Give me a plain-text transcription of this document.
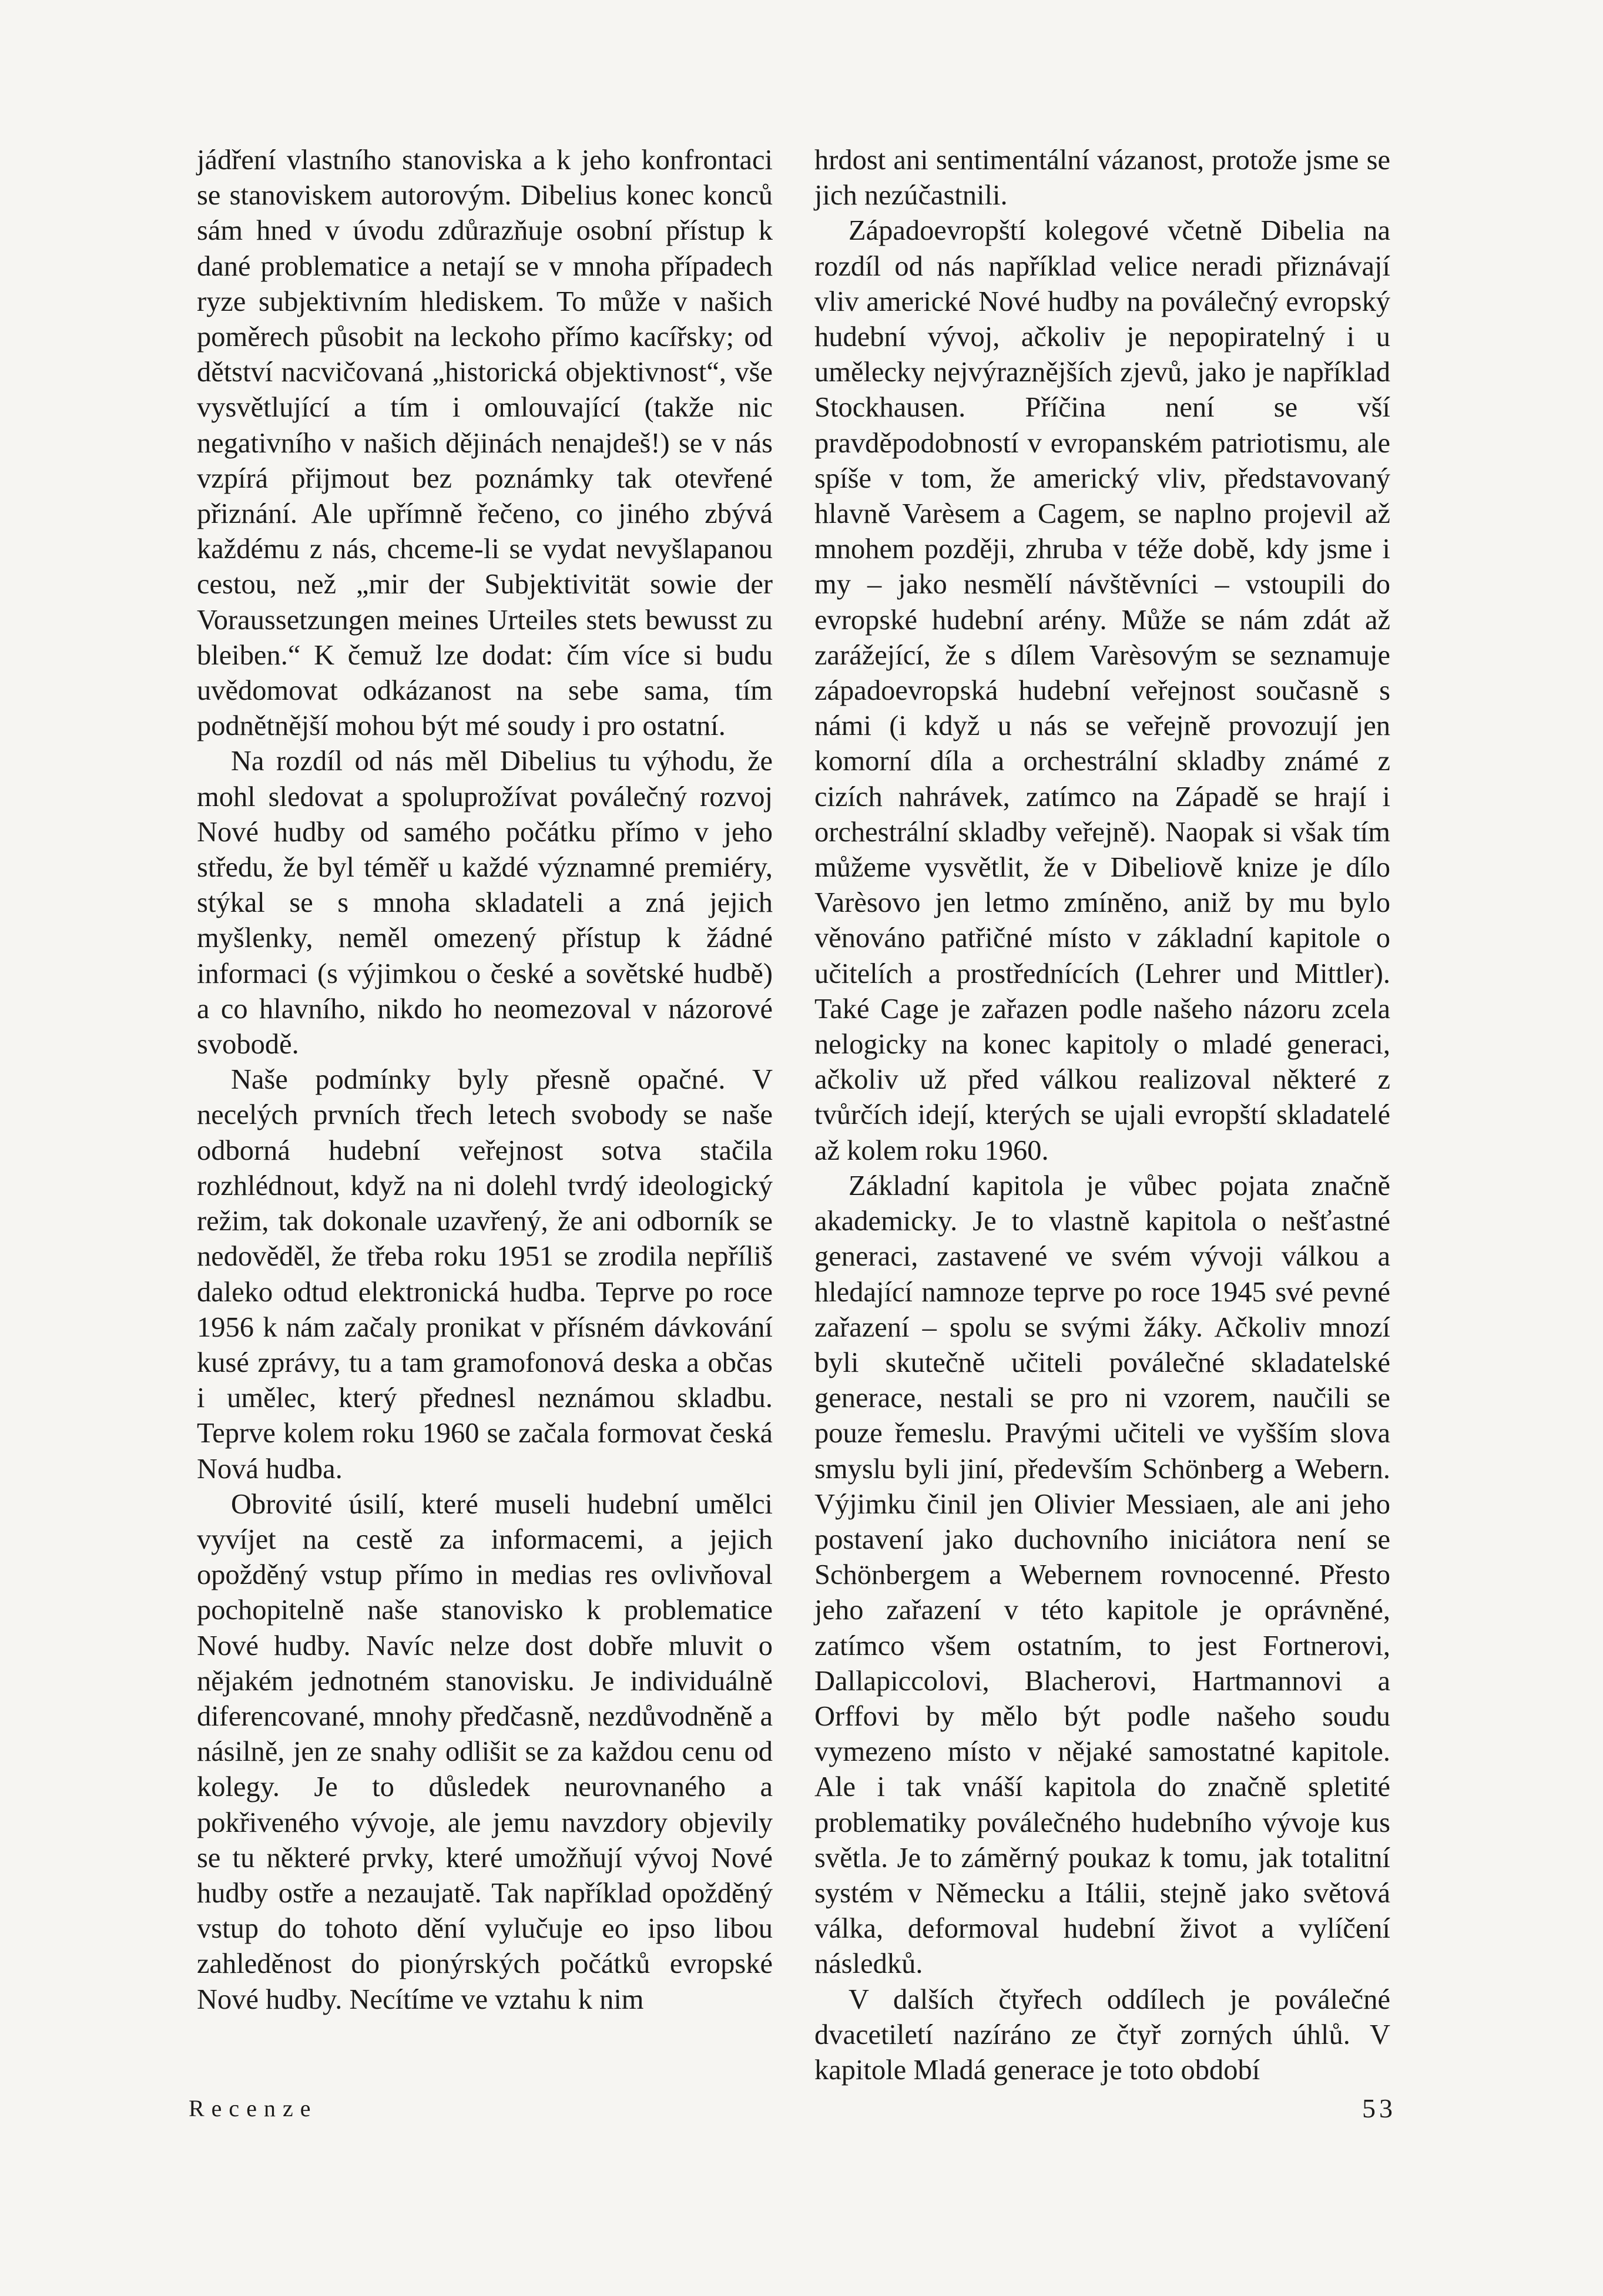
jádření vlastního stanoviska a k jeho konfrontaci se stanoviskem autorovým. Dibelius konec konců sám hned v úvodu zdůrazňuje osobní přístup k dané problematice a netají se v mnoha případech ryze subjektivním hlediskem. To může v našich poměrech působit na leckoho přímo kacířsky; od dětství nacvičovaná „historická objektivnost“, vše vysvětlující a tím i omlouvající (takže nic negativního v našich dějinách nenajdeš!) se v nás vzpírá přijmout bez poznámky tak otevřené přiznání. Ale upřímně řečeno, co jiného zbývá každému z nás, chceme-li se vydat nevyšlapanou cestou, než „mir der Subjektivität sowie der Voraussetzungen meines Urteiles stets bewusst zu bleiben.“ K čemuž lze dodat: čím více si budu uvědomovat odkázanost na sebe sama, tím podnětnější mohou být mé soudy i pro ostatní.

Na rozdíl od nás měl Dibelius tu výhodu, že mohl sledovat a spoluprožívat poválečný rozvoj Nové hudby od samého počátku přímo v jeho středu, že byl téměř u každé významné premiéry, stýkal se s mnoha skladateli a zná jejich myšlenky, neměl omezený přístup k žádné informaci (s výjimkou o české a sovětské hudbě) a co hlavního, nikdo ho neomezoval v názorové svobodě.

Naše podmínky byly přesně opačné. V necelých prvních třech letech svobody se naše odborná hudební veřejnost sotva stačila rozhlédnout, když na ni dolehl tvrdý ideologický režim, tak dokonale uzavřený, že ani odborník se nedověděl, že třeba roku 1951 se zrodila nepříliš daleko odtud elektronická hudba. Teprve po roce 1956 k nám začaly pronikat v přísném dávkování kusé zprávy, tu a tam gramofonová deska a občas i umělec, který přednesl neznámou skladbu. Teprve kolem roku 1960 se začala formovat česká Nová hudba.

Obrovité úsilí, které museli hudební umělci vyvíjet na cestě za informacemi, a jejich opožděný vstup přímo in medias res ovlivňoval pochopitelně naše stanovisko k problematice Nové hudby. Navíc nelze dost dobře mluvit o nějakém jednotném stanovisku. Je individuálně diferencované, mnohy předčasně, nezdůvodněně a násilně, jen ze snahy odlišit se za každou cenu od kolegy. Je to důsledek neurovnaného a pokřiveného vývoje, ale jemu navzdory objevily se tu některé prvky, které umožňují vývoj Nové hudby ostře a nezaujatě. Tak například opožděný vstup do tohoto dění vylučuje eo ipso libou zahleděnost do pionýrských počátků evropské Nové hudby. Necítíme ve vztahu k nim

hrdost ani sentimentální vázanost, protože jsme se jich nezúčastnili.

Západoevropští kolegové včetně Dibelia na rozdíl od nás například velice neradi přiznávají vliv americké Nové hudby na poválečný evropský hudební vývoj, ačkoliv je nepopiratelný i u umělecky nejvýraznějších zjevů, jako je například Stockhausen. Příčina není se vší pravděpodobností v evropanském patriotismu, ale spíše v tom, že americký vliv, představovaný hlavně Varèsem a Cagem, se naplno projevil až mnohem později, zhruba v téže době, kdy jsme i my – jako nesmělí návštěvníci – vstoupili do evropské hudební arény. Může se nám zdát až zarážející, že s dílem Varèsovým se seznamuje západoevropská hudební veřejnost současně s námi (i když u nás se veřejně provozují jen komorní díla a orchestrální skladby známé z cizích nahrávek, zatímco na Západě se hrají i orchestrální skladby veřejně). Naopak si však tím můžeme vysvětlit, že v Dibeliově knize je dílo Varèsovo jen letmo zmíněno, aniž by mu bylo věnováno patřičné místo v základní kapitole o učitelích a prostřednících (Lehrer und Mittler). Také Cage je zařazen podle našeho názoru zcela nelogicky na konec kapitoly o mladé generaci, ačkoliv už před válkou realizoval některé z tvůrčích idejí, kterých se ujali evropští skladatelé až kolem roku 1960.

Základní kapitola je vůbec pojata značně akademicky. Je to vlastně kapitola o nešťastné generaci, zastavené ve svém vývoji válkou a hledající namnoze teprve po roce 1945 své pevné zařazení – spolu se svými žáky. Ačkoliv mnozí byli skutečně učiteli poválečné skladatelské generace, nestali se pro ni vzorem, naučili se pouze řemeslu. Pravými učiteli ve vyšším slova smyslu byli jiní, především Schönberg a Webern. Výjimku činil jen Olivier Messiaen, ale ani jeho postavení jako duchovního iniciátora není se Schönbergem a Webernem rovnocenné. Přesto jeho zařazení v této kapitole je oprávněné, zatímco všem ostatním, to jest Fortnerovi, Dallapiccolovi, Blacherovi, Hartmannovi a Orffovi by mělo být podle našeho soudu vymezeno místo v nějaké samostatné kapitole. Ale i tak vnáší kapitola do značně spletité problematiky poválečného hudebního vývoje kus světla. Je to záměrný poukaz k tomu, jak totalitní systém v Německu a Itálii, stejně jako světová válka, deformoval hudební život a vylíčení následků.

V dalších čtyřech oddílech je poválečné dvacetiletí nazíráno ze čtyř zorných úhlů. V kapitole Mladá generace je toto období

Recenze	53
